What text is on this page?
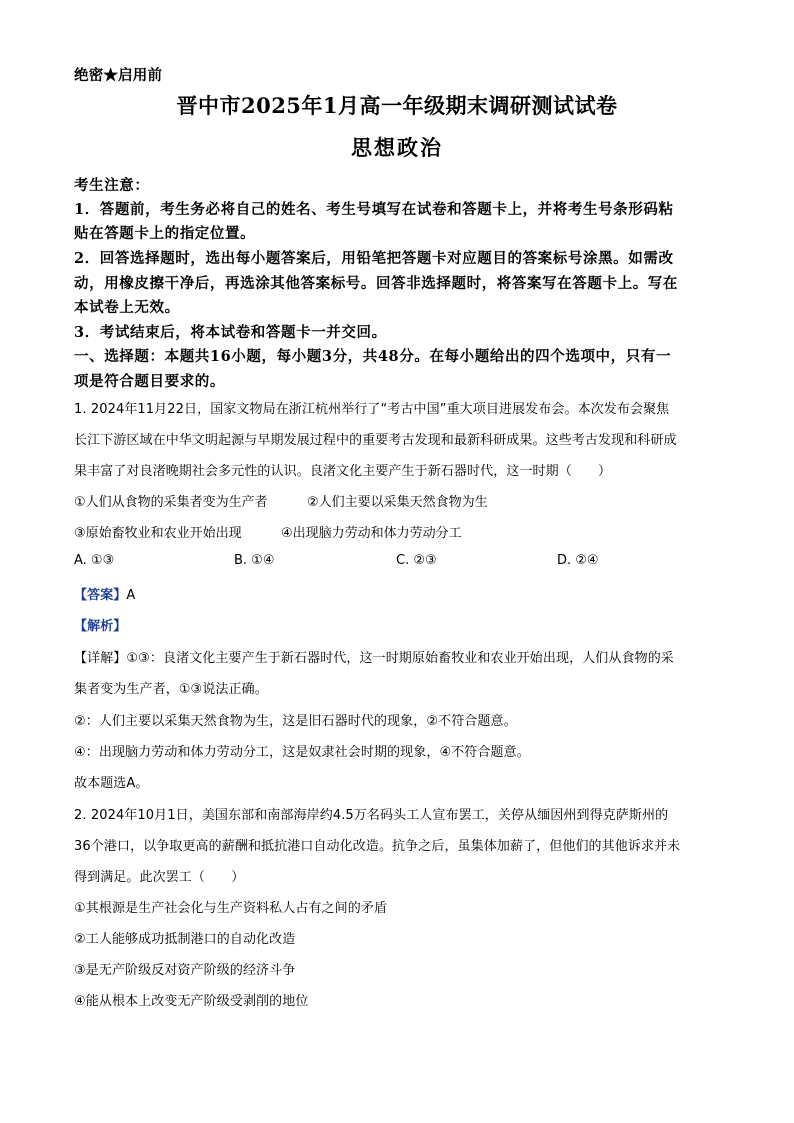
绝密★启用前
晋中市2025年1月高一年级期末调研测试试卷
思想政治
考生注意：
1．答题前，考生务必将自己的姓名、考生号填写在试卷和答题卡上，并将考生号条形码粘
贴在答题卡上的指定位置。
2．回答选择题时，选出每小题答案后，用铅笔把答题卡对应题目的答案标号涂黑。如需改
动，用橡皮擦干净后，再选涂其他答案标号。回答非选择题时，将答案写在答题卡上。写在
本试卷上无效。
3．考试结束后，将本试卷和答题卡一并交回。
一、选择题：本题共16小题，每小题3分，共48分。在每小题给出的四个选项中，只有一
项是符合题目要求的。
1. 2024年11月22日，国家文物局在浙江杭州举行了“考古中国”重大项目进展发布会。本次发布会聚焦
长江下游区域在中华文明起源与早期发展过程中的重要考古发现和最新科研成果。这些考古发现和科研成
果丰富了对良渚晚期社会多元性的认识。良渚文化主要产生于新石器时代，这一时期（　　）
①人们从食物的采集者变为生产者	②人们主要以采集天然食物为生
③原始畜牧业和农业开始出现	④出现脑力劳动和体力劳动分工
A. ①③	B. ①④	C. ②③	D. ②④
【答案】A
【解析】
【详解】①③：良渚文化主要产生于新石器时代，这一时期原始畜牧业和农业开始出现，人们从食物的采
集者变为生产者，①③说法正确。
②：人们主要以采集天然食物为生，这是旧石器时代的现象，②不符合题意。
④：出现脑力劳动和体力劳动分工，这是奴隶社会时期的现象，④不符合题意。
故本题选A。
2. 2024年10月1日，美国东部和南部海岸约4.5万名码头工人宣布罢工，关停从缅因州到得克萨斯州的
36个港口，以争取更高的薪酬和抵抗港口自动化改造。抗争之后，虽集体加薪了，但他们的其他诉求并未
得到满足。此次罢工（　　）
①其根源是生产社会化与生产资料私人占有之间的矛盾
②工人能够成功抵制港口的自动化改造
③是无产阶级反对资产阶级的经济斗争
④能从根本上改变无产阶级受剥削的地位
